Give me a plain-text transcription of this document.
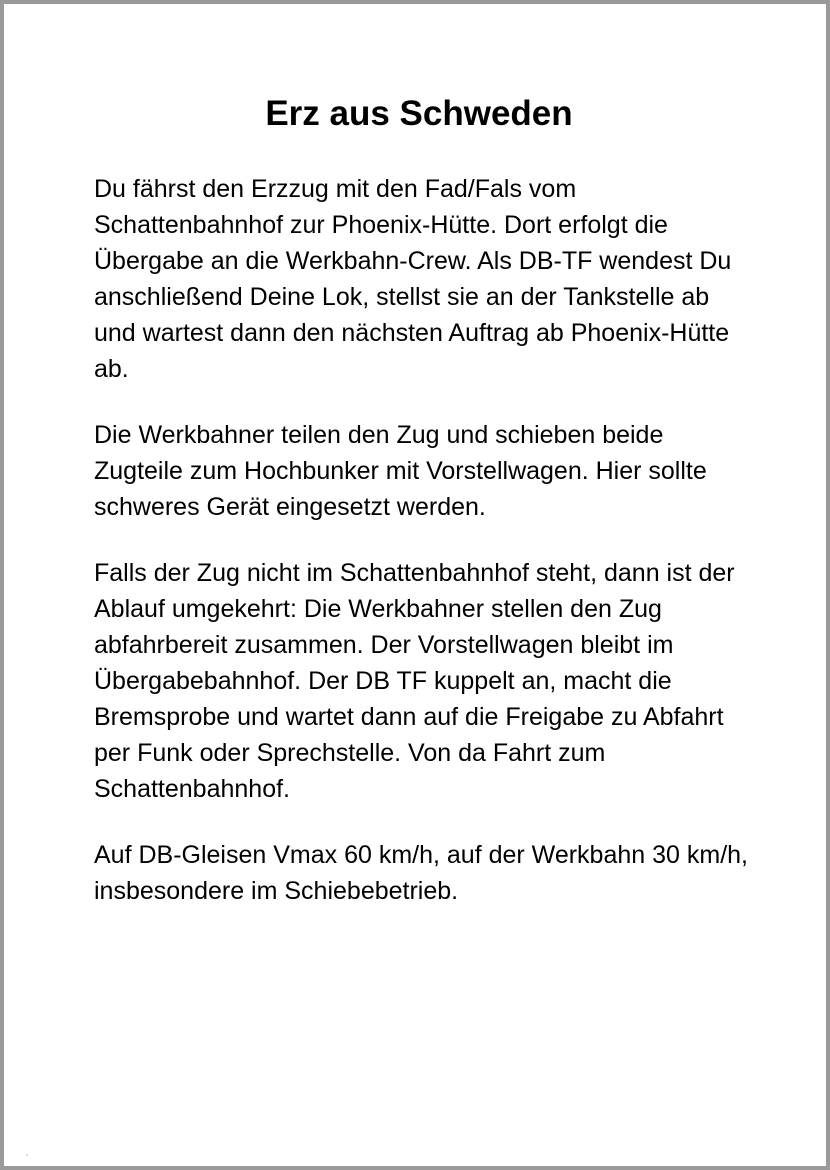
Erz aus Schweden

Du fährst den Erzzug mit den Fad/Fals vom Schattenbahnhof zur Phoenix-Hütte. Dort erfolgt die Übergabe an die Werkbahn-Crew. Als DB-TF wendest Du anschließend Deine Lok, stellst sie an der Tankstelle ab und wartest dann den nächsten Auftrag ab Phoenix-Hütte ab.

Die Werkbahner teilen den Zug und schieben beide Zugteile zum Hochbunker mit Vorstellwagen. Hier sollte schweres Gerät eingesetzt werden.

Falls der Zug nicht im Schattenbahnhof steht, dann ist der Ablauf umgekehrt: Die Werkbahner stellen den Zug abfahrbereit zusammen. Der Vorstellwagen bleibt im Übergabebahnhof. Der DB TF kuppelt an, macht die Bremsprobe und wartet dann auf die Freigabe zu Abfahrt per Funk oder Sprechstelle. Von da Fahrt zum Schattenbahnhof.

Auf DB-Gleisen Vmax 60 km/h, auf der Werkbahn 30 km/h, insbesondere im Schiebebetrieb.
